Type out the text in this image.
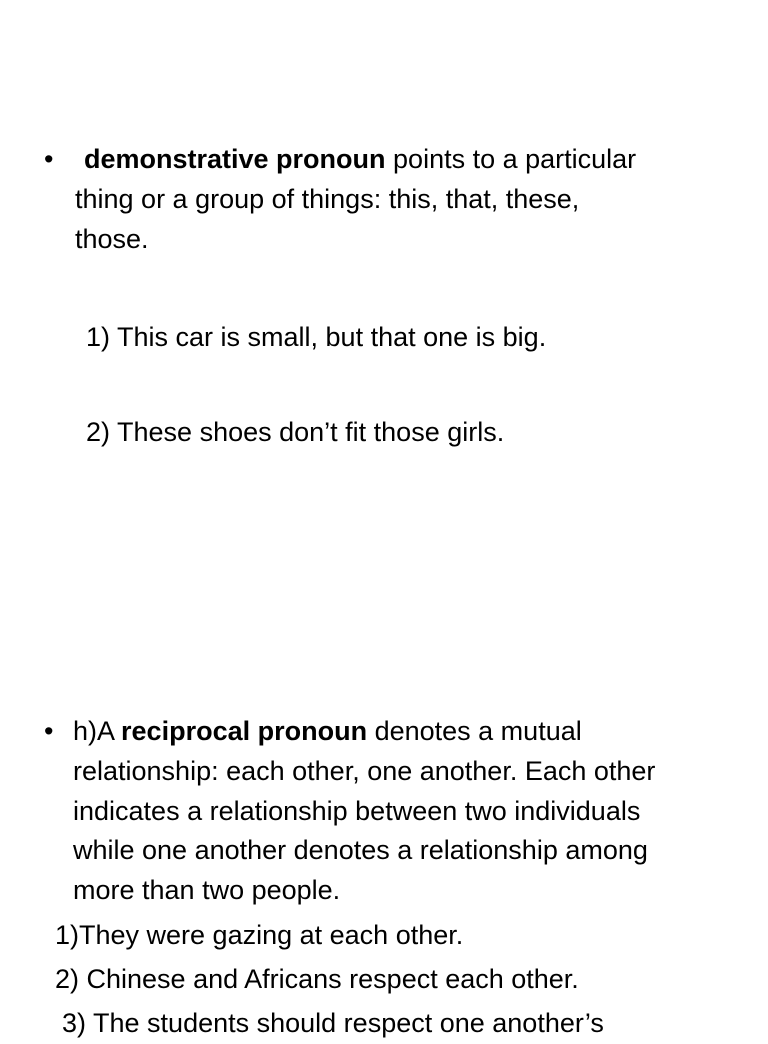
• demonstrative pronoun points to a particular
thing or a group of things: this, that, these,
those.
1) This car is small, but that one is big.
2) These shoes don’t fit those girls.
• h)A reciprocal pronoun denotes a mutual
relationship: each other, one another. Each other
indicates a relationship between two individuals
while one another denotes a relationship among
more than two people.
1)They were gazing at each other.
2) Chinese and Africans respect each other.
3) The students should respect one another’s
